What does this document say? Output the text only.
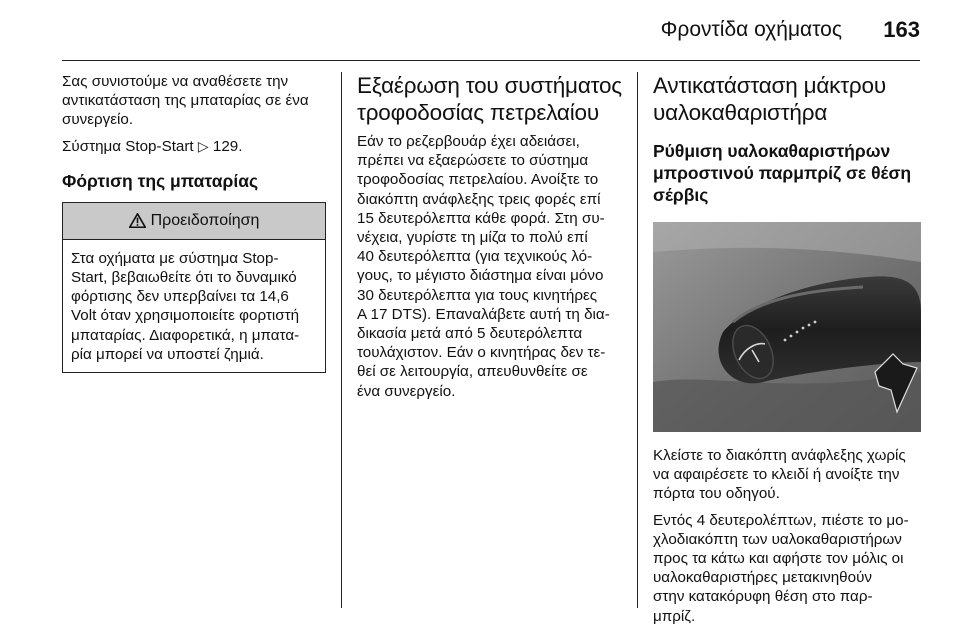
Φροντίδα οχήματος 163

Σας συνιστούμε να αναθέσετε την
αντικατάσταση της μπαταρίας σε ένα
συνεργείο.

Σύστημα Stop-Start ▷ 129.

Φόρτιση της μπαταρίας
Προειδοποίηση
Στα οχήματα με σύστημα Stop-
Start, βεβαιωθείτε ότι το δυναμικό
φόρτισης δεν υπερβαίνει τα 14,6
Volt όταν χρησιμοποιείτε φορτιστή
μπαταρίας. Διαφορετικά, η μπατα-
ρία μπορεί να υποστεί ζημιά.
Εξαέρωση του συστήματος
τροφοδοσίας πετρελαίου

Εάν το ρεζερβουάρ έχει αδειάσει,
πρέπει να εξαερώσετε το σύστημα
τροφοδοσίας πετρελαίου. Ανοίξτε το
διακόπτη ανάφλεξης τρεις φορές επί
15 δευτερόλεπτα κάθε φορά. Στη συ-
νέχεια, γυρίστε τη μίζα το πολύ επί
40 δευτερόλεπτα (για τεχνικούς λό-
γους, το μέγιστο διάστημα είναι μόνο
30 δευτερόλεπτα για τους κινητήρες
A 17 DTS). Επαναλάβετε αυτή τη δια-
δικασία μετά από 5 δευτερόλεπτα
τουλάχιστον. Εάν ο κινητήρας δεν τε-
θεί σε λειτουργία, απευθυνθείτε σε
ένα συνεργείο.

Αντικατάσταση μάκτρου
υαλοκαθαριστήρα
Ρύθμιση υαλοκαθαριστήρων
μπροστινού παρμπρίζ σε θέση
σέρβις

Κλείστε το διακόπτη ανάφλεξης χωρίς
να αφαιρέσετε το κλειδί ή ανοίξτε την
πόρτα του οδηγού.

Εντός 4 δευτερολέπτων, πιέστε το μο-
χλοδιακόπτη των υαλοκαθαριστήρων
προς τα κάτω και αφήστε τον μόλις οι
υαλοκαθαριστήρες μετακινηθούν
στην κατακόρυφη θέση στο παρ-
μπρίζ.
